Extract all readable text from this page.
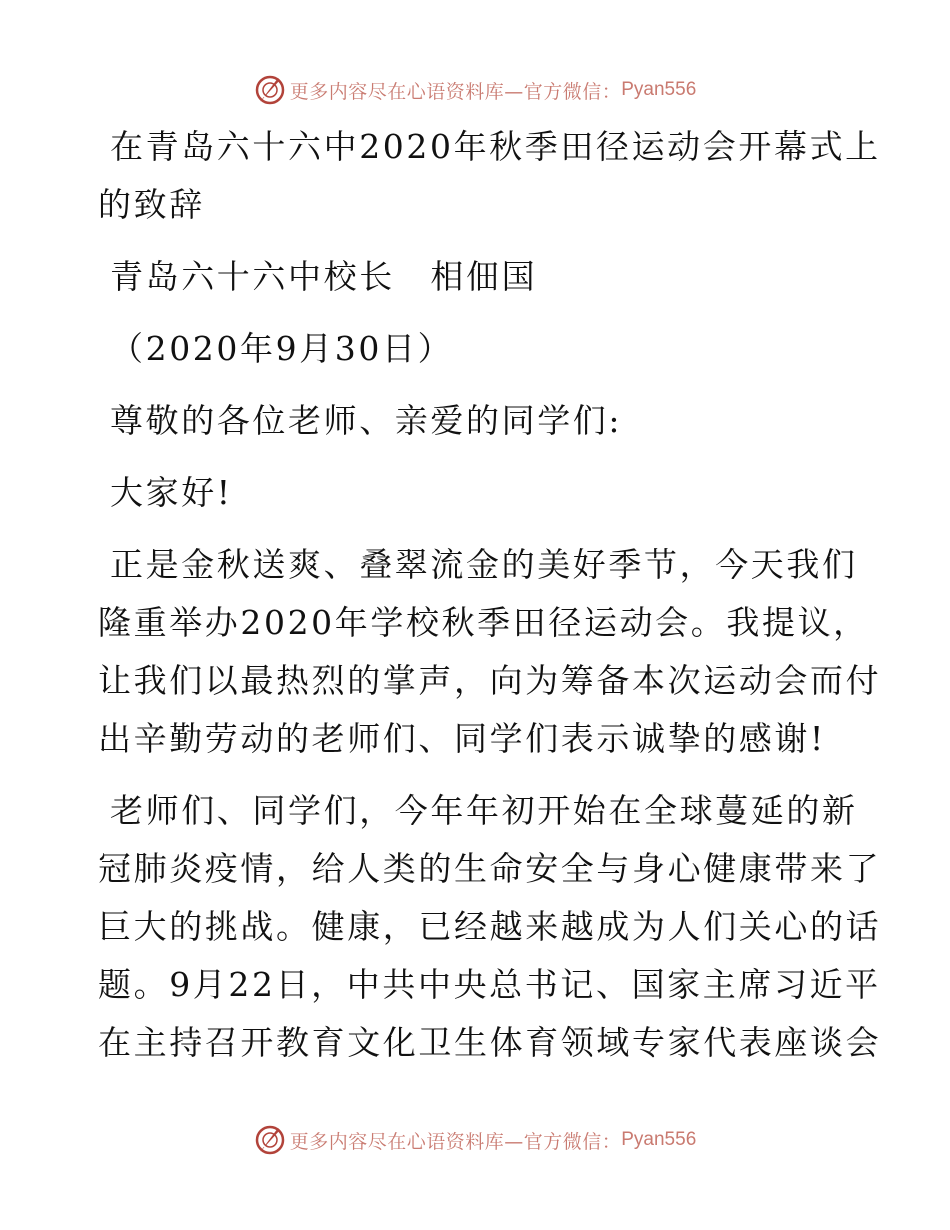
更多内容尽在心语资料库—官方微信： Pyan556

在青岛六十六中2020年秋季田径运动会开幕式上
的致辞

青岛六十六中校长　相佃国

（2020年9月30日）

尊敬的各位老师、亲爱的同学们:

大家好!

正是金秋送爽、叠翠流金的美好季节，今天我们
隆重举办2020年学校秋季田径运动会。我提议，
让我们以最热烈的掌声，向为筹备本次运动会而付
出辛勤劳动的老师们、同学们表示诚挚的感谢!

老师们、同学们，今年年初开始在全球蔓延的新
冠肺炎疫情，给人类的生命安全与身心健康带来了
巨大的挑战。健康，已经越来越成为人们关心的话
题。9月22日，中共中央总书记、国家主席习近平
在主持召开教育文化卫生体育领域专家代表座谈会

更多内容尽在心语资料库—官方微信： Pyan556
